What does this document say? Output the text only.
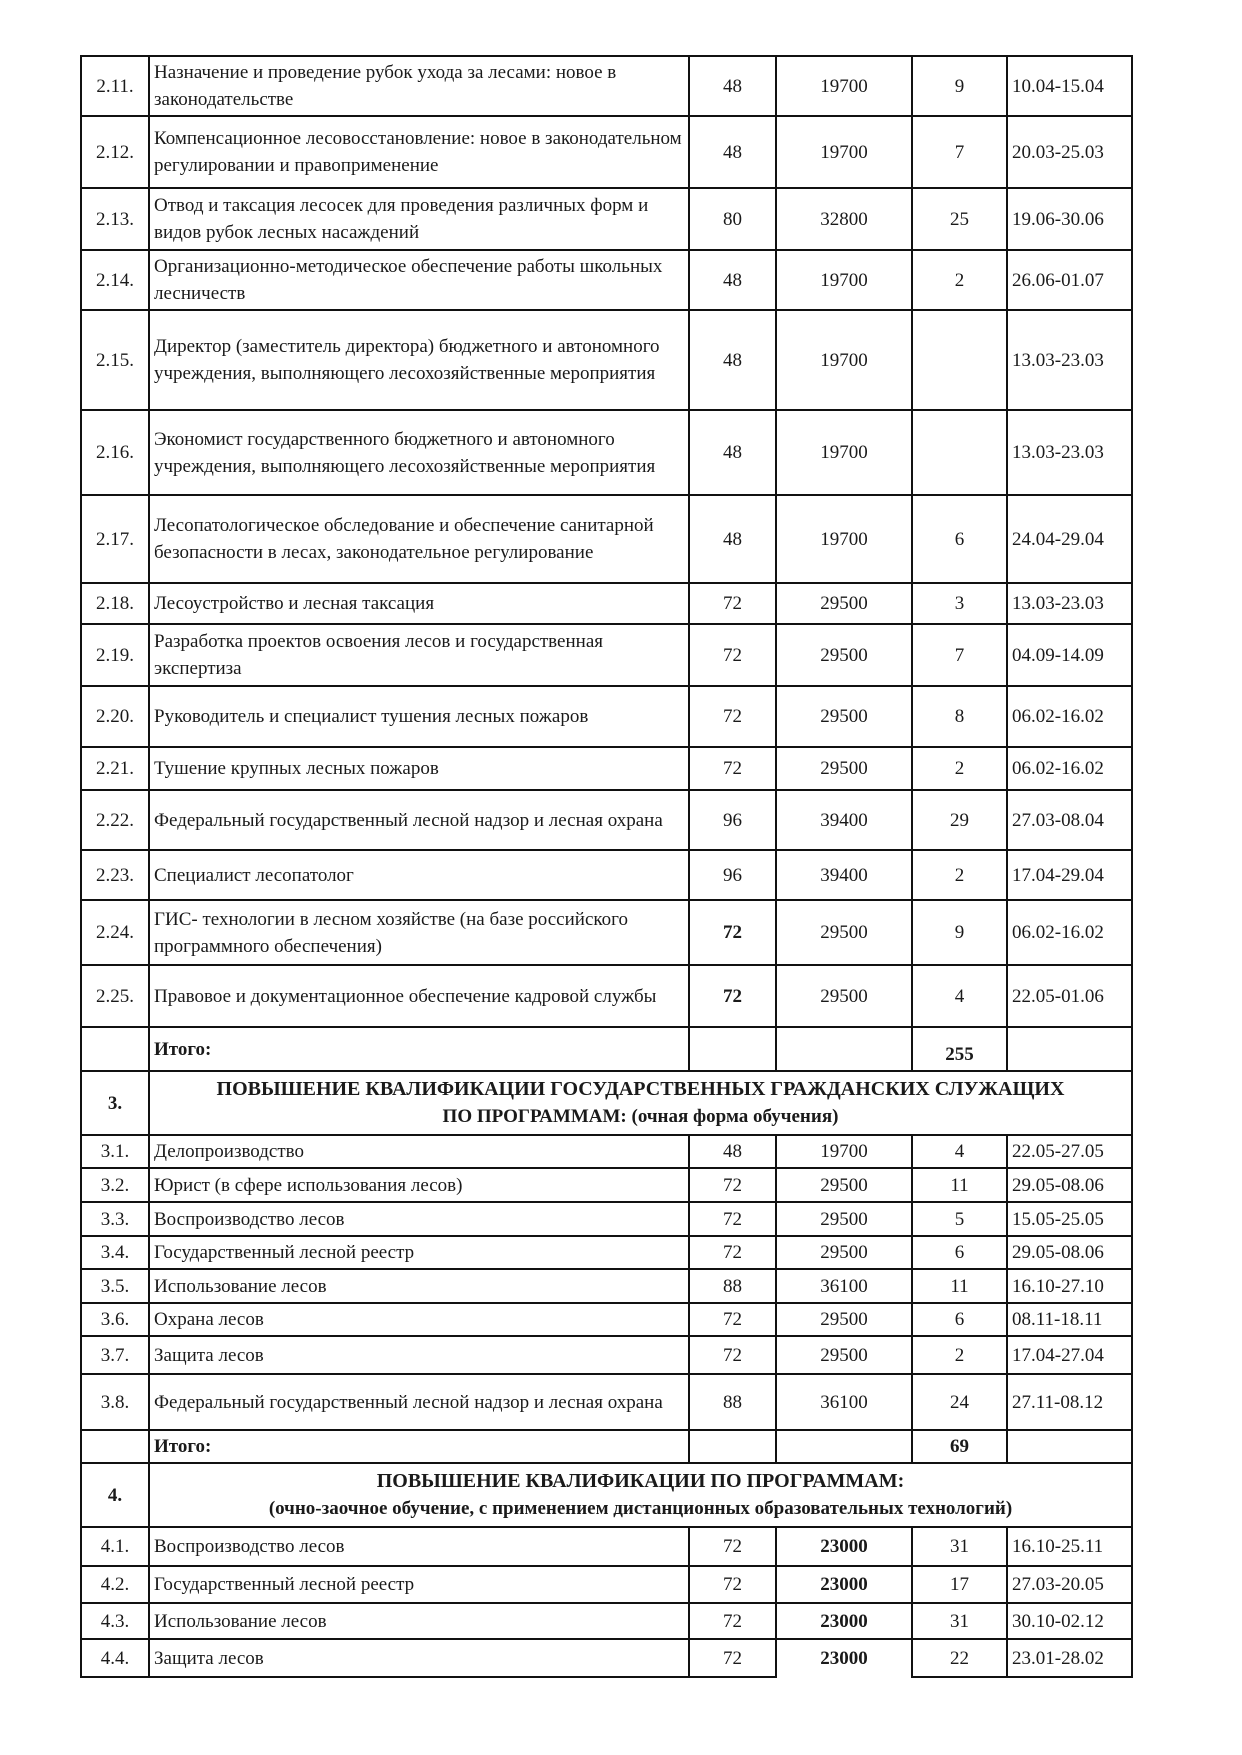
2.11.	Назначение и проведение рубок ухода за лесами: новое в законодательстве	48	19700	9	10.04-15.04
2.12.	Компенсационное лесовосстановление: новое в законодательном регулировании и правоприменение	48	19700	7	20.03-25.03
2.13.	Отвод и таксация лесосек для проведения различных форм и видов рубок лесных насаждений	80	32800	25	19.06-30.06
2.14.	Организационно-методическое обеспечение работы школьных лесничеств	48	19700	2	26.06-01.07
2.15.	Директор (заместитель директора) бюджетного и автономного учреждения, выполняющего лесохозяйственные мероприятия	48	19700		13.03-23.03
2.16.	Экономист государственного бюджетного и автономного учреждения, выполняющего лесохозяйственные мероприятия	48	19700		13.03-23.03
2.17.	Лесопатологическое обследование и обеспечение санитарной безопасности в лесах, законодательное регулирование	48	19700	6	24.04-29.04
2.18.	Лесоустройство и лесная таксация	72	29500	3	13.03-23.03
2.19.	Разработка проектов освоения лесов и государственная экспертиза	72	29500	7	04.09-14.09
2.20.	Руководитель и специалист тушения лесных пожаров	72	29500	8	06.02-16.02
2.21.	Тушение крупных лесных пожаров	72	29500	2	06.02-16.02
2.22.	Федеральный государственный лесной надзор и лесная охрана	96	39400	29	27.03-08.04
2.23.	Специалист лесопатолог	96	39400	2	17.04-29.04
2.24.	ГИС- технологии в лесном хозяйстве (на базе российского программного обеспечения)	72	29500	9	06.02-16.02
2.25.	Правовое и документационное обеспечение кадровой службы	72	29500	4	22.05-01.06
	Итого:			255	
3.	ПОВЫШЕНИЕ КВАЛИФИКАЦИИ ГОСУДАРСТВЕННЫХ ГРАЖДАНСКИХ СЛУЖАЩИХ
ПО ПРОГРАММАМ: (очная форма обучения)				

3.1.	Делопроизводство	48	19700	4	22.05-27.05
3.2.	Юрист (в сфере использования лесов)	72	29500	11	29.05-08.06
3.3.	Воспроизводство лесов	72	29500	5	15.05-25.05
3.4.	Государственный лесной реестр	72	29500	6	29.05-08.06
3.5.	Использование лесов	88	36100	11	16.10-27.10
3.6.	Охрана лесов	72	29500	6	08.11-18.11
3.7.	Защита лесов	72	29500	2	17.04-27.04
3.8.	Федеральный государственный лесной надзор и лесная охрана	88	36100	24	27.11-08.12
	Итого:			69	
4.	ПОВЫШЕНИЕ КВАЛИФИКАЦИИ ПО ПРОГРАММАМ:
(очно-заочное обучение, с применением дистанционных образовательных технологий)				

4.1.	Воспроизводство лесов	72	23000	31	16.10-25.11
4.2.	Государственный лесной реестр	72	23000	17	27.03-20.05
4.3.	Использование лесов	72	23000	31	30.10-02.12
4.4.	Защита лесов	72	23000	22	23.01-28.02
